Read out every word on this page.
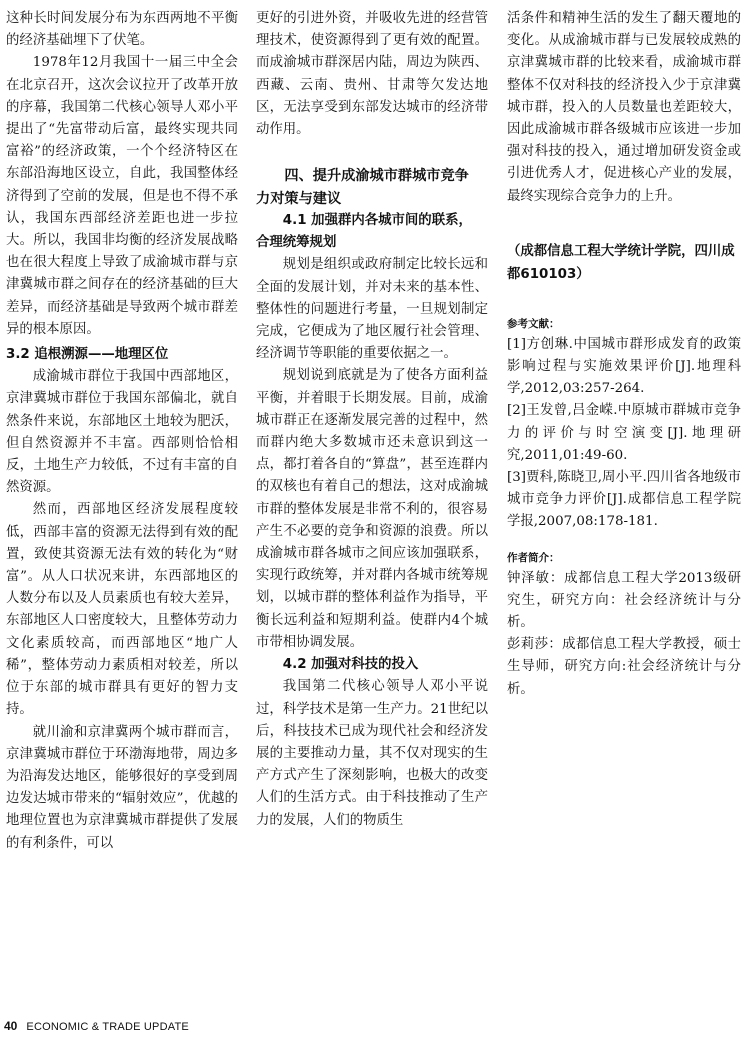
这种长时间发展分布为东西两地不平衡的经济基础埋下了伏笔。

1978年12月我国十一届三中全会在北京召开，这次会议拉开了改革开放的序幕，我国第二代核心领导人邓小平提出了“先富带动后富，最终实现共同富裕”的经济政策，一个个经济特区在东部沿海地区设立，自此，我国整体经济得到了空前的发展，但是也不得不承认，我国东西部经济差距也进一步拉大。所以，我国非均衡的经济发展战略也在很大程度上导致了成渝城市群与京津冀城市群之间存在的经济基础的巨大差异，而经济基础是导致两个城市群差异的根本原因。

3.2 追根溯源——地理区位

成渝城市群位于我国中西部地区，京津冀城市群位于我国东部偏北，就自然条件来说，东部地区土地较为肥沃，但自然资源并不丰富。西部则恰恰相反，土地生产力较低，不过有丰富的自然资源。

然而，西部地区经济发展程度较低，西部丰富的资源无法得到有效的配置，致使其资源无法有效的转化为“财富”。从人口状况来讲，东西部地区的人数分布以及人员素质也有较大差异，东部地区人口密度较大，且整体劳动力文化素质较高，而西部地区“地广人稀”，整体劳动力素质相对较差，所以位于东部的城市群具有更好的智力支持。

就川渝和京津冀两个城市群而言，京津冀城市群位于环渤海地带，周边多为沿海发达地区，能够很好的享受到周边发达城市带来的“辐射效应”，优越的地理位置也为京津冀城市群提供了发展的有利条件，可以

更好的引进外资，并吸收先进的经营管理技术，使资源得到了更有效的配置。而成渝城市群深居内陆，周边为陕西、西藏、云南、贵州、甘肃等欠发达地区，无法享受到东部发达城市的经济带动作用。

四、提升成渝城市群城市竞争
力对策与建议
4.1 加强群内各城市间的联系，
合理统筹规划

规划是组织或政府制定比较长远和全面的发展计划，并对未来的基本性、整体性的问题进行考量，一旦规划制定完成，它便成为了地区履行社会管理、经济调节等职能的重要依据之一。

规划说到底就是为了使各方面利益平衡，并着眼于长期发展。目前，成渝城市群正在逐渐发展完善的过程中，然而群内绝大多数城市还未意识到这一点，都打着各自的“算盘”，甚至连群内的双核也有着自己的想法，这对成渝城市群的整体发展是非常不利的，很容易产生不必要的竞争和资源的浪费。所以成渝城市群各城市之间应该加强联系，实现行政统筹，并对群内各城市统筹规划，以城市群的整体利益作为指导，平衡长远利益和短期利益。使群内4个城市带相协调发展。

4.2 加强对科技的投入

我国第二代核心领导人邓小平说过，科学技术是第一生产力。21世纪以后，科技技术已成为现代社会和经济发展的主要推动力量，其不仅对现实的生产方式产生了深刻影响，也极大的改变人们的生活方式。由于科技推动了生产力的发展，人们的物质生

活条件和精神生活的发生了翻天覆地的变化。从成渝城市群与已发展较成熟的京津冀城市群的比较来看，成渝城市群整体不仅对科技的经济投入少于京津冀城市群，投入的人员数量也差距较大，因此成渝城市群各级城市应该进一步加强对科技的投入，通过增加研发资金或引进优秀人才，促进核心产业的发展，最终实现综合竞争力的上升。

（成都信息工程大学统计学院，四川成都610103）
参考文献：

[1]方创琳.中国城市群形成发育的政策影响过程与实施效果评价[J].地理科学,2012,03:257-264.

[2]王发曾,吕金嵘.中原城市群城市竞争力的评价与时空演变[J].地理研究,2011,01:49-60.

[3]贾科,陈晓卫,周小平.四川省各地级市城市竞争力评价[J].成都信息工程学院学报,2007,08:178-181.

作者简介：

钟泽敏：成都信息工程大学2013级研究生，研究方向：社会经济统计与分析。

彭莉莎：成都信息工程大学教授，硕士生导师，研究方向:社会经济统计与分析。

40 ECONOMIC & TRADE UPDATE
